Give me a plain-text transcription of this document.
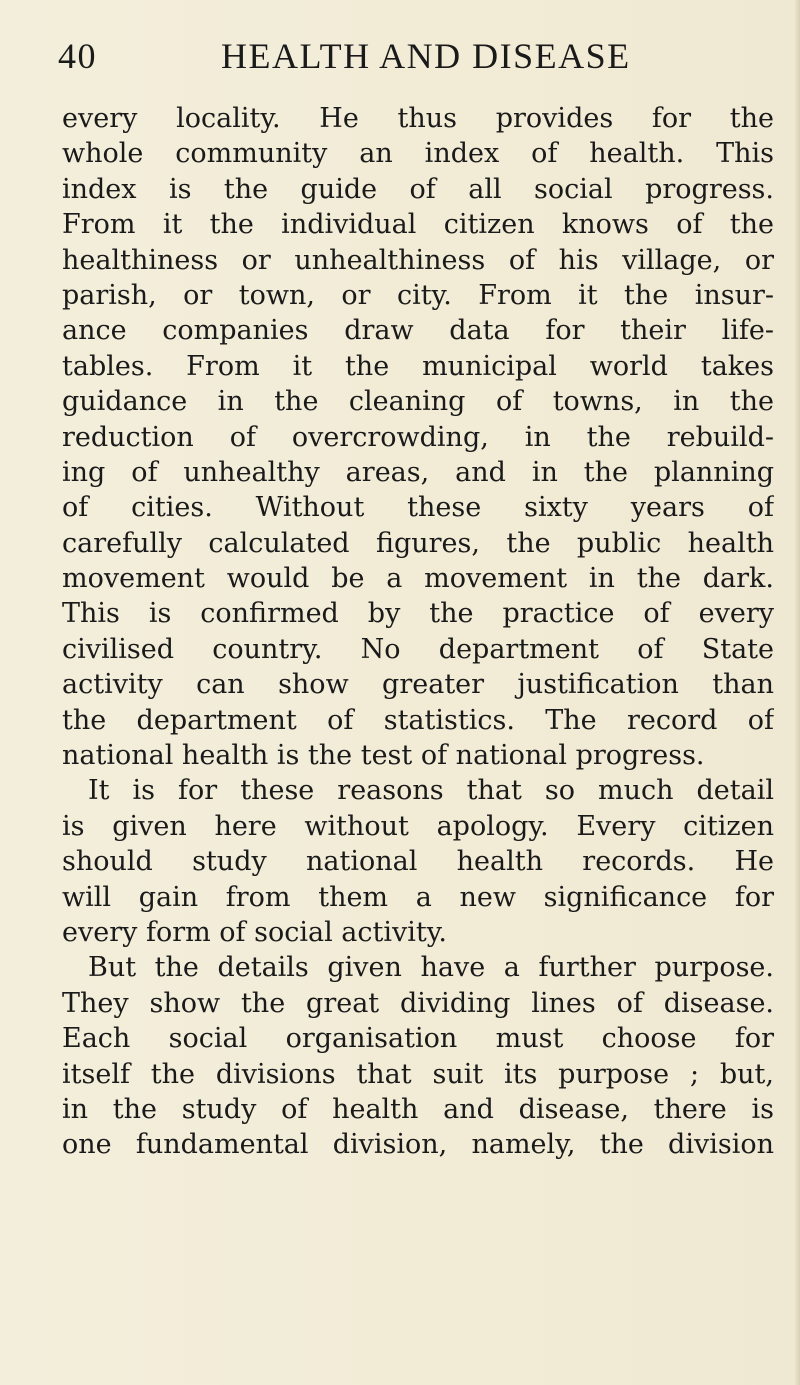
40	HEALTH AND DISEASE
every locality. He thus provides for the
whole community an index of health. This
index is the guide of all social progress.
From it the individual citizen knows of the
healthiness or unhealthiness of his village, or
parish, or town, or city. From it the insur-
ance companies draw data for their life-
tables. From it the municipal world takes
guidance in the cleaning of towns, in the
reduction of overcrowding, in the rebuild-
ing of unhealthy areas, and in the planning
of cities. Without these sixty years of
carefully calculated figures, the public health
movement would be a movement in the dark.
This is confirmed by the practice of every
civilised country. No department of State
activity can show greater justification than
the department of statistics. The record of
national health is the test of national progress.
It is for these reasons that so much detail
is given here without apology. Every citizen
should study national health records. He
will gain from them a new significance for
every form of social activity.
But the details given have a further purpose.
They show the great dividing lines of disease.
Each social organisation must choose for
itself the divisions that suit its purpose ; but,
in the study of health and disease, there is
one fundamental division, namely, the division
